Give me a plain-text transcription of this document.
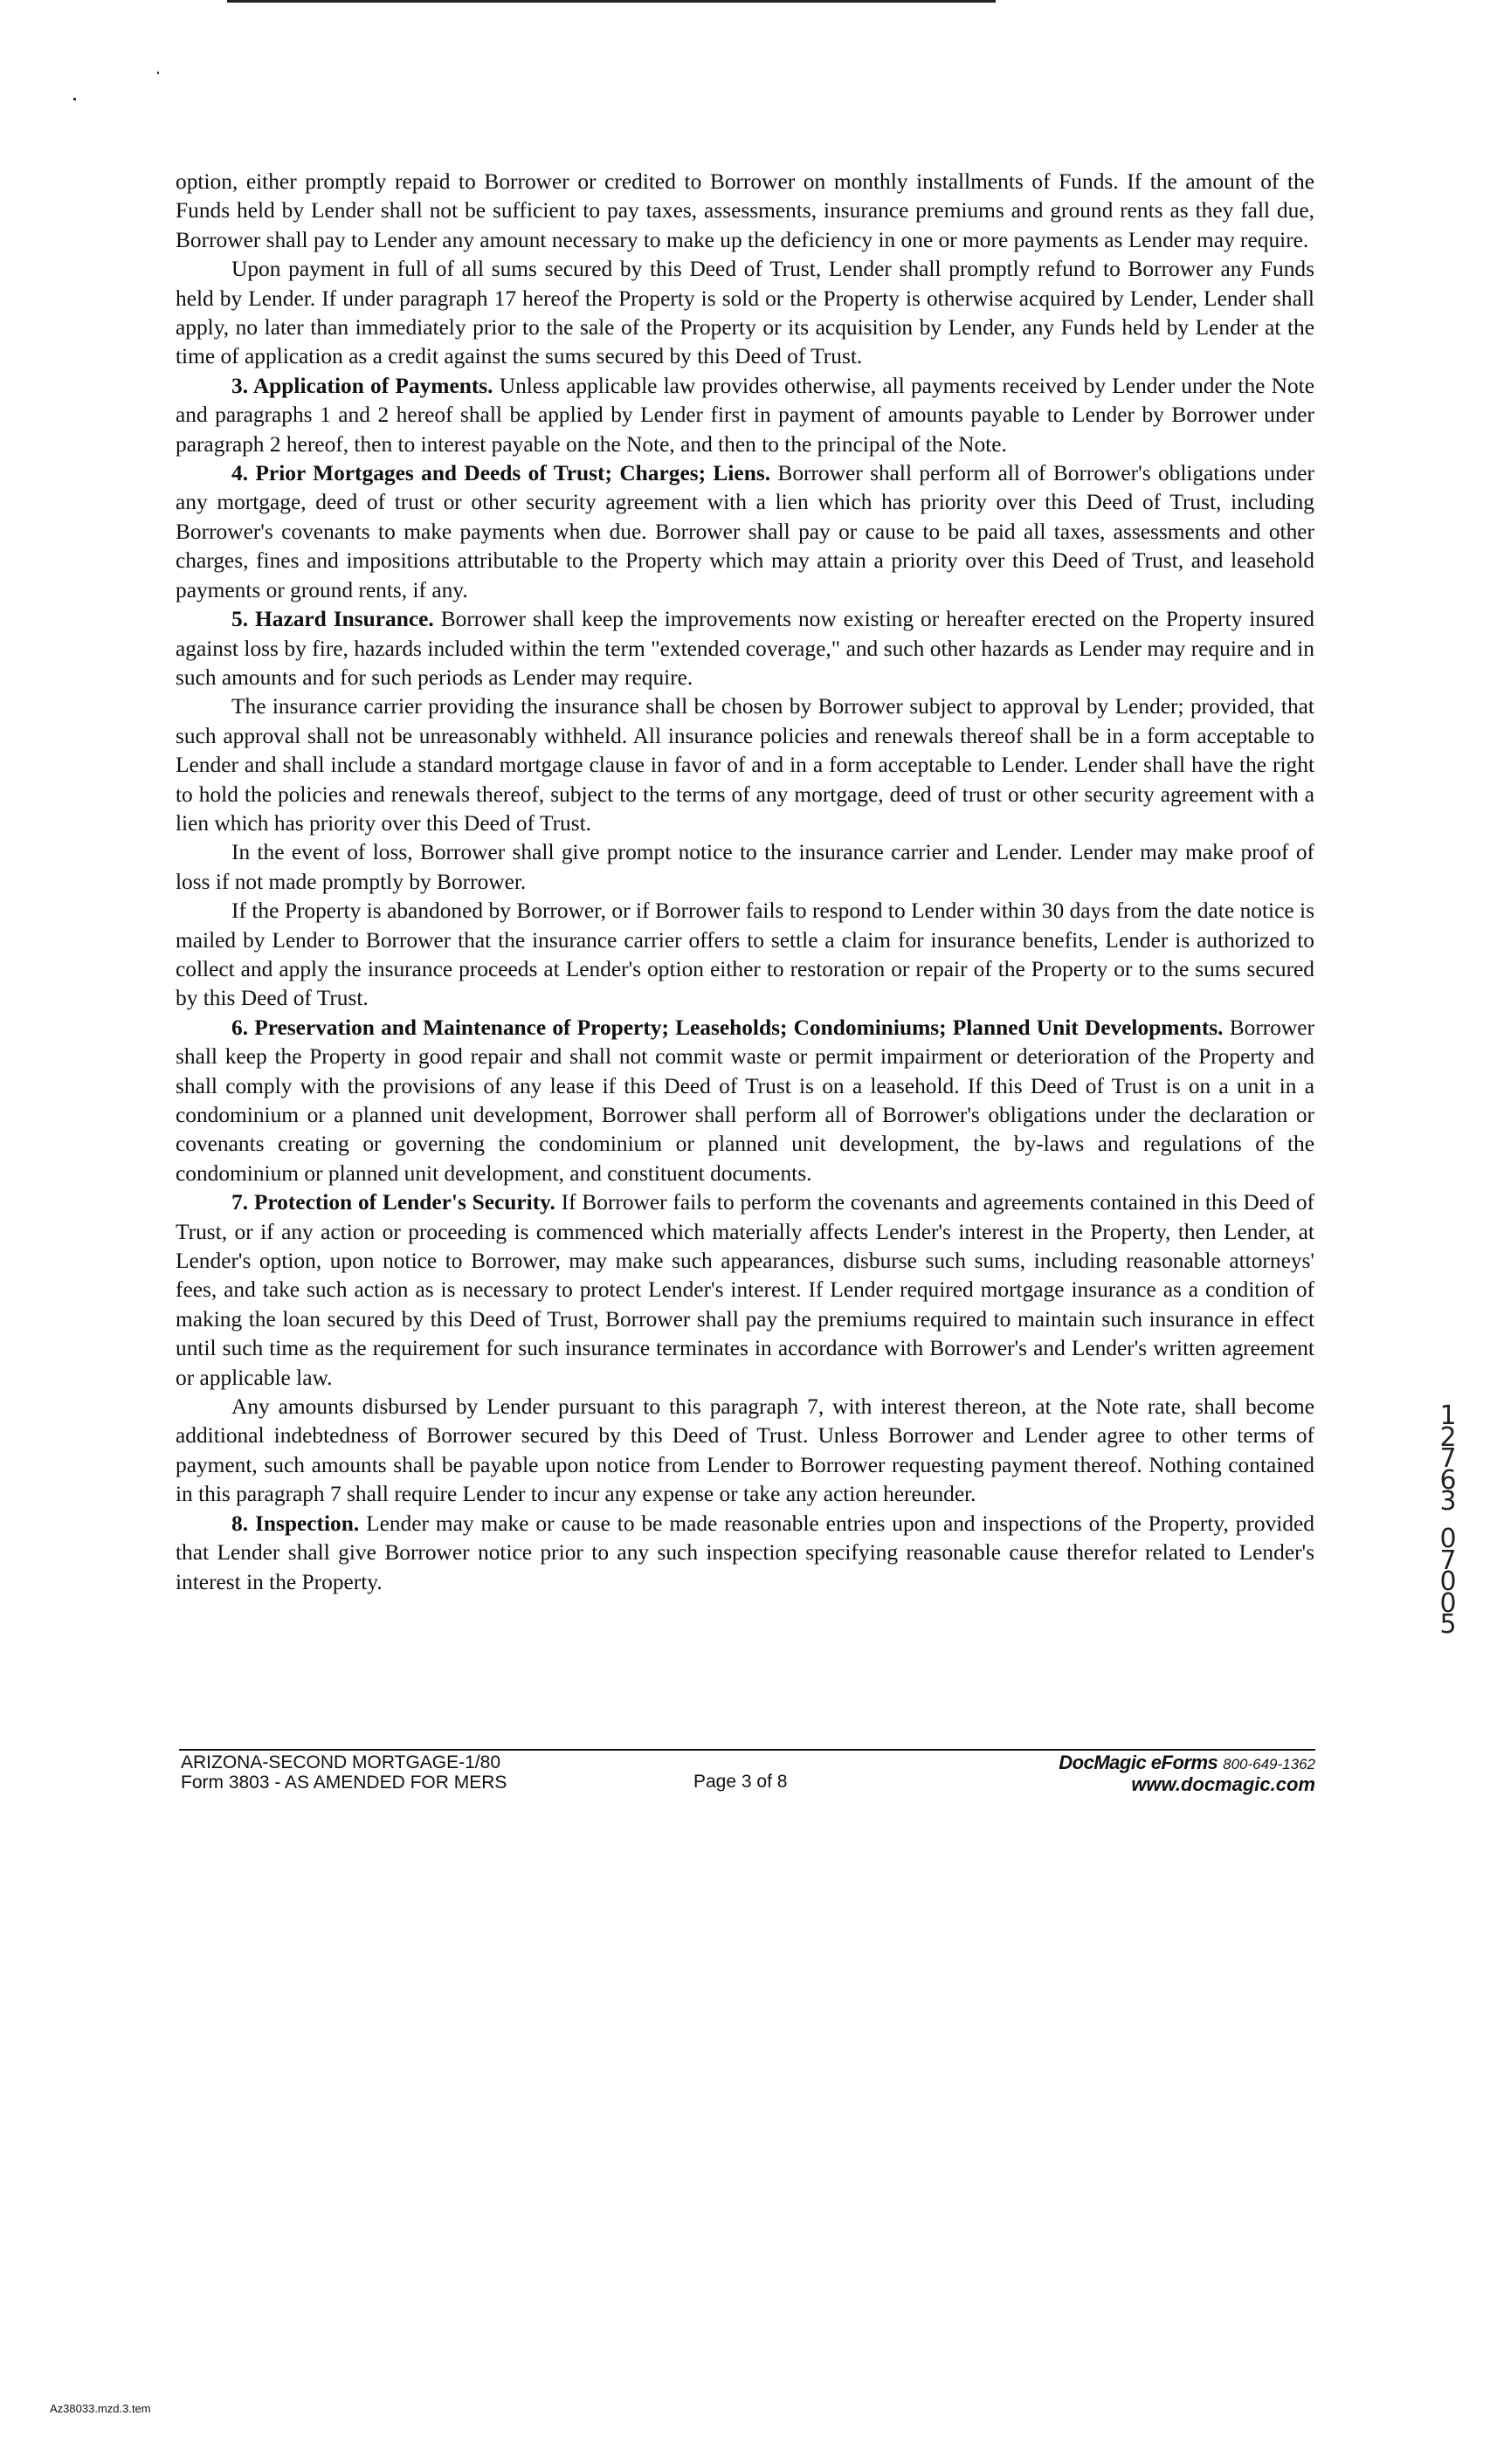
option, either promptly repaid to Borrower or credited to Borrower on monthly installments of Funds. If the amount of the Funds held by Lender shall not be sufficient to pay taxes, assessments, insurance premiums and ground rents as they fall due, Borrower shall pay to Lender any amount necessary to make up the deficiency in one or more payments as Lender may require.

Upon payment in full of all sums secured by this Deed of Trust, Lender shall promptly refund to Borrower any Funds held by Lender. If under paragraph 17 hereof the Property is sold or the Property is otherwise acquired by Lender, Lender shall apply, no later than immediately prior to the sale of the Property or its acquisition by Lender, any Funds held by Lender at the time of application as a credit against the sums secured by this Deed of Trust.

3. Application of Payments. Unless applicable law provides otherwise, all payments received by Lender under the Note and paragraphs 1 and 2 hereof shall be applied by Lender first in payment of amounts payable to Lender by Borrower under paragraph 2 hereof, then to interest payable on the Note, and then to the principal of the Note.

4. Prior Mortgages and Deeds of Trust; Charges; Liens. Borrower shall perform all of Borrower's obligations under any mortgage, deed of trust or other security agreement with a lien which has priority over this Deed of Trust, including Borrower's covenants to make payments when due. Borrower shall pay or cause to be paid all taxes, assessments and other charges, fines and impositions attributable to the Property which may attain a priority over this Deed of Trust, and leasehold payments or ground rents, if any.

5. Hazard Insurance. Borrower shall keep the improvements now existing or hereafter erected on the Property insured against loss by fire, hazards included within the term "extended coverage," and such other hazards as Lender may require and in such amounts and for such periods as Lender may require.

The insurance carrier providing the insurance shall be chosen by Borrower subject to approval by Lender; provided, that such approval shall not be unreasonably withheld. All insurance policies and renewals thereof shall be in a form acceptable to Lender and shall include a standard mortgage clause in favor of and in a form acceptable to Lender. Lender shall have the right to hold the policies and renewals thereof, subject to the terms of any mortgage, deed of trust or other security agreement with a lien which has priority over this Deed of Trust.

In the event of loss, Borrower shall give prompt notice to the insurance carrier and Lender. Lender may make proof of loss if not made promptly by Borrower.

If the Property is abandoned by Borrower, or if Borrower fails to respond to Lender within 30 days from the date notice is mailed by Lender to Borrower that the insurance carrier offers to settle a claim for insurance benefits, Lender is authorized to collect and apply the insurance proceeds at Lender's option either to restoration or repair of the Property or to the sums secured by this Deed of Trust.

6. Preservation and Maintenance of Property; Leaseholds; Condominiums; Planned Unit Developments. Borrower shall keep the Property in good repair and shall not commit waste or permit impairment or deterioration of the Property and shall comply with the provisions of any lease if this Deed of Trust is on a leasehold. If this Deed of Trust is on a unit in a condominium or a planned unit development, Borrower shall perform all of Borrower's obligations under the declaration or covenants creating or governing the condominium or planned unit development, the by-laws and regulations of the condominium or planned unit development, and constituent documents.

7. Protection of Lender's Security. If Borrower fails to perform the covenants and agreements contained in this Deed of Trust, or if any action or proceeding is commenced which materially affects Lender's interest in the Property, then Lender, at Lender's option, upon notice to Borrower, may make such appearances, disburse such sums, including reasonable attorneys' fees, and take such action as is necessary to protect Lender's interest. If Lender required mortgage insurance as a condition of making the loan secured by this Deed of Trust, Borrower shall pay the premiums required to maintain such insurance in effect until such time as the requirement for such insurance terminates in accordance with Borrower's and Lender's written agreement or applicable law.

Any amounts disbursed by Lender pursuant to this paragraph 7, with interest thereon, at the Note rate, shall become additional indebtedness of Borrower secured by this Deed of Trust. Unless Borrower and Lender agree to other terms of payment, such amounts shall be payable upon notice from Lender to Borrower requesting payment thereof. Nothing contained in this paragraph 7 shall require Lender to incur any expense or take any action hereunder.

8. Inspection. Lender may make or cause to be made reasonable entries upon and inspections of the Property, provided that Lender shall give Borrower notice prior to any such inspection specifying reasonable cause therefor related to Lender's interest in the Property.

1
2
7
6
3
0
7
0
0
5
ARIZONA-SECOND MORTGAGE-1/80
Form 3803 - AS AMENDED FOR MERS	Page 3 of 8
DocMagic eForms 800-649-1362
www.docmagic.com
Az38033.mzd.3.tem
